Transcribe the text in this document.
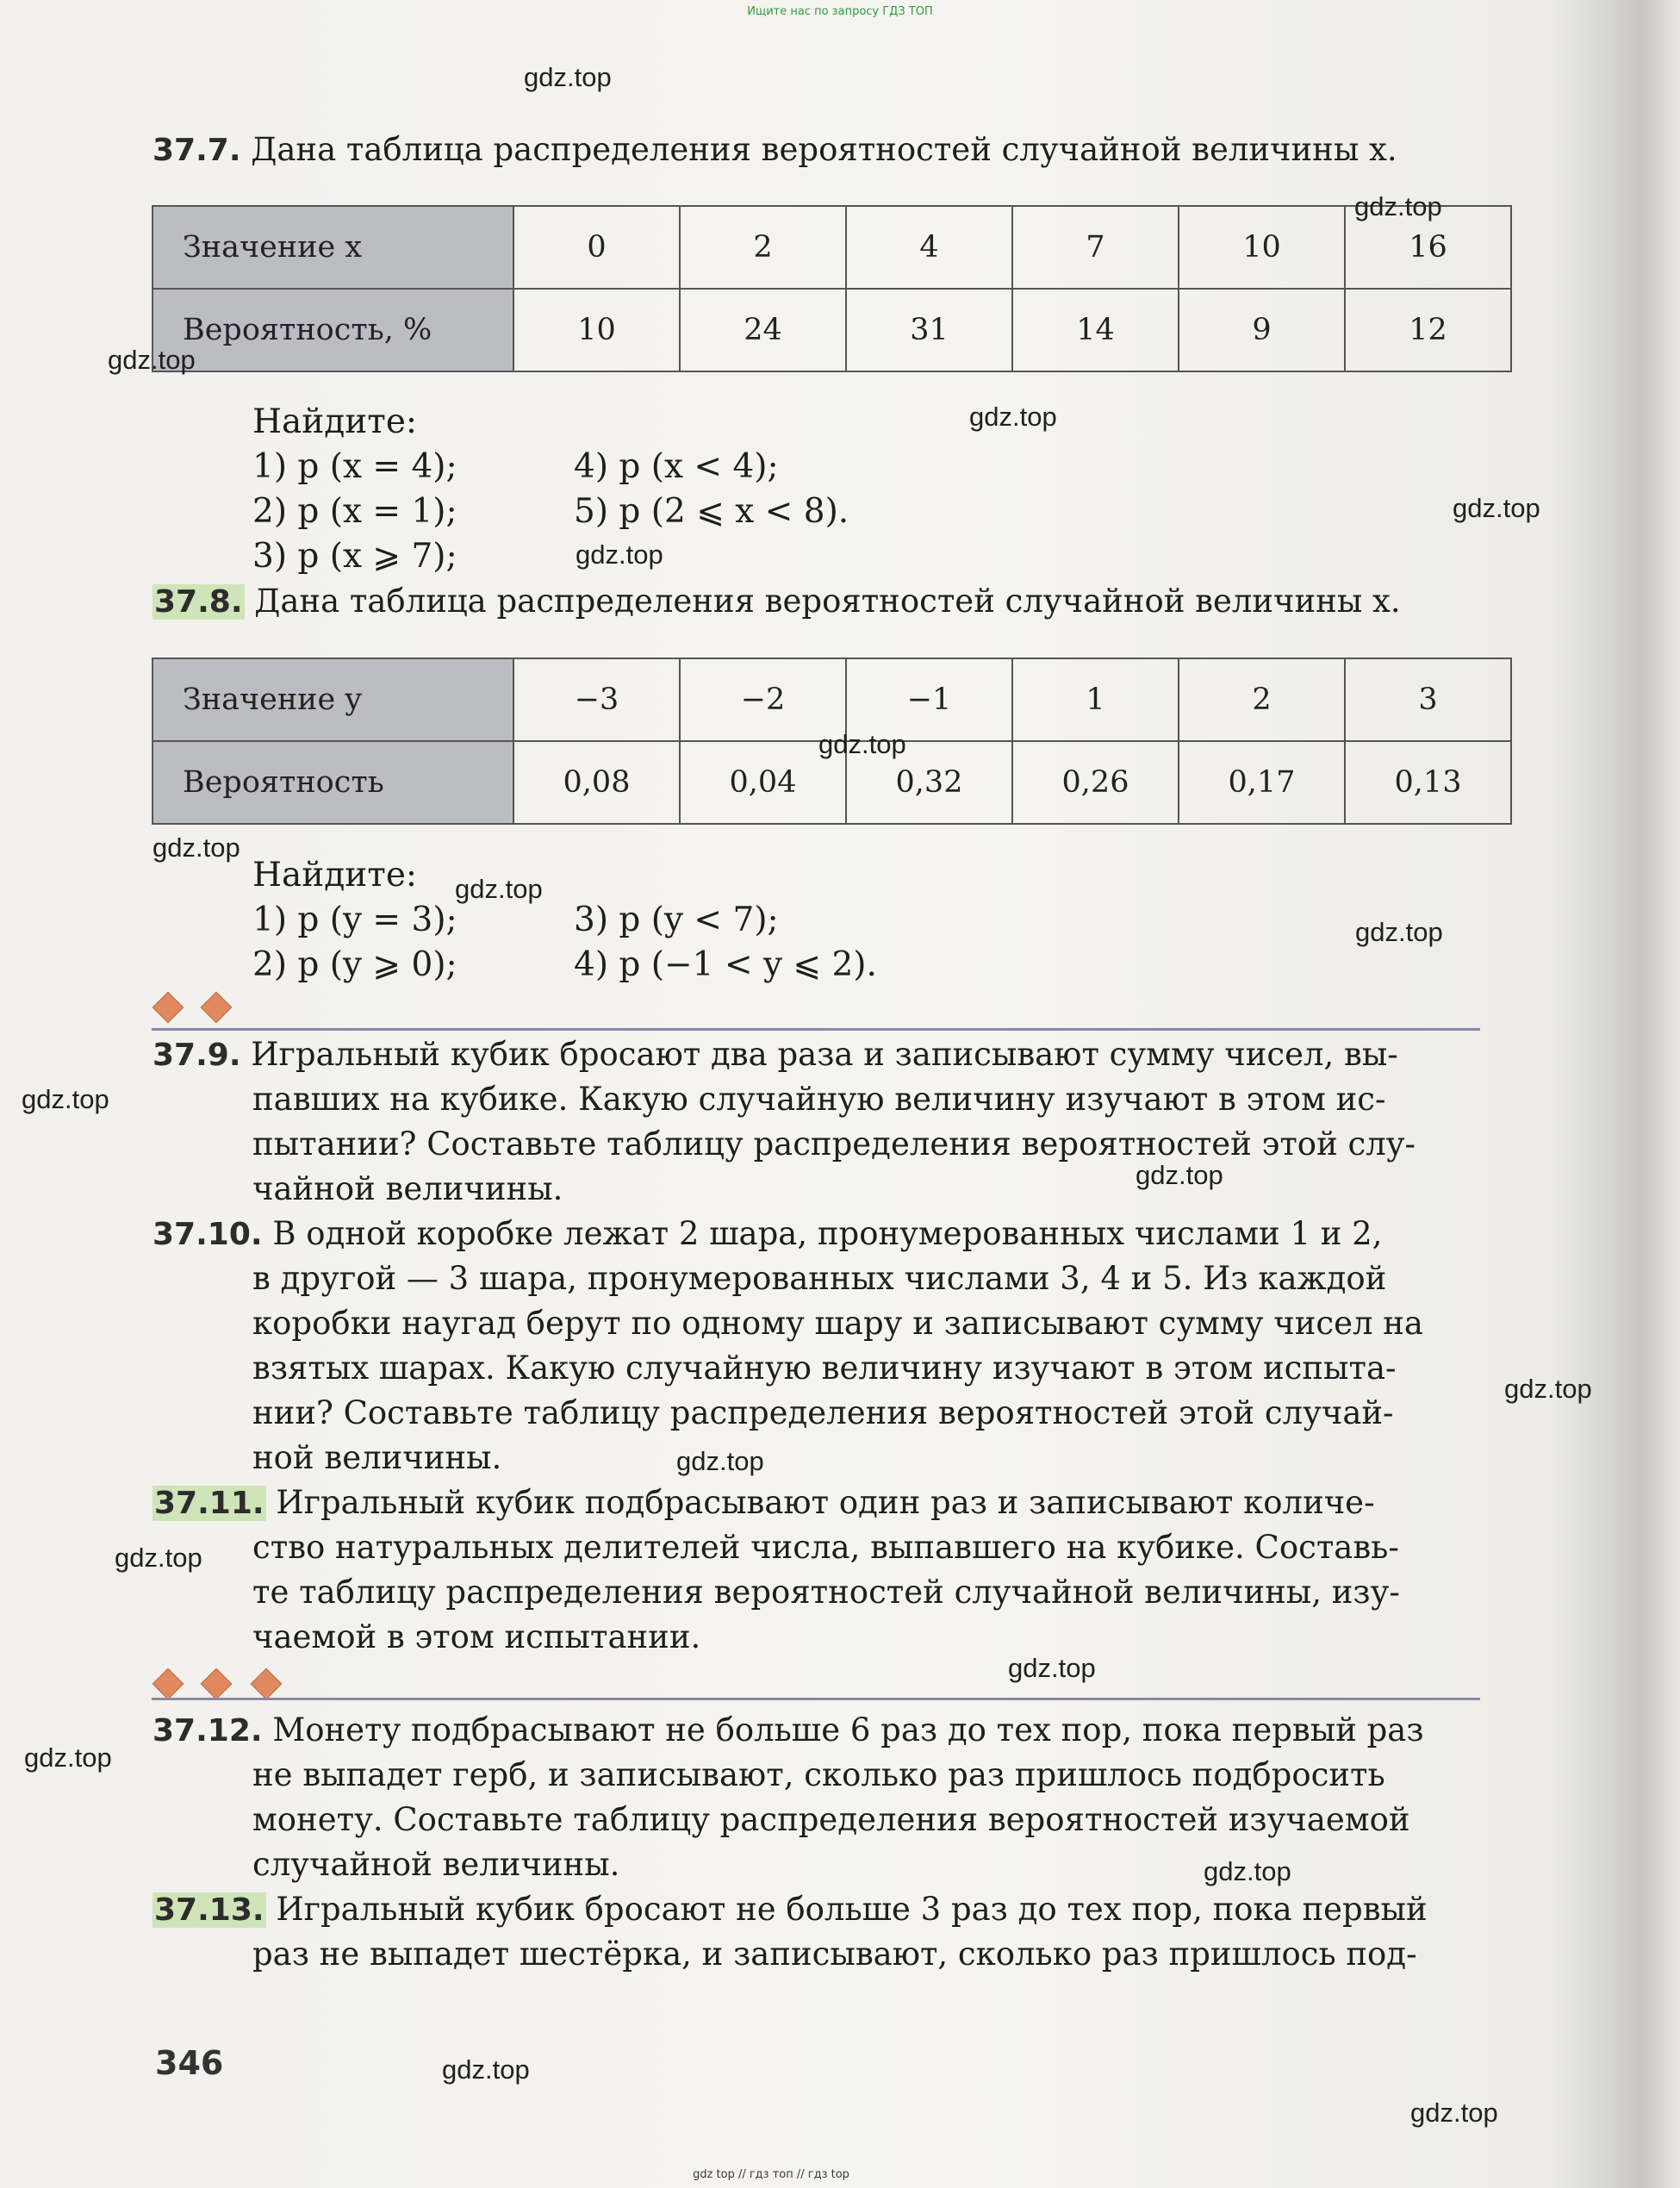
Ищите нас по запросу ГДЗ ТОП
37.7. Дана таблица распределения вероятностей случайной величины x.
Значение x	0	2	4	7	10	16
Вероятность, %	10	24	31	14	9	12
Найдите:
1) p (x = 4);
2) p (x = 1);
3) p (x ⩾ 7);
4) p (x < 4);
5) p (2 ⩽ x < 8).
37.8. Дана таблица распределения вероятностей случайной величины x.
Значение y	−3	−2	−1	1	2	3
Вероятность	0,08	0,04	0,32	0,26	0,17	0,13
Найдите:
1) p (y = 3);
2) p (y ⩾ 0);
3) p (y < 7);
4) p (−1 < y ⩽ 2).
37.9. Игральный кубик бросают два раза и записывают сумму чисел, вы-
павших на кубике. Какую случайную величину изучают в этом ис-
пытании? Составьте таблицу распределения вероятностей этой слу-
чайной величины.
37.10. В одной коробке лежат 2 шара, пронумерованных числами 1 и 2,
в другой — 3 шара, пронумерованных числами 3, 4 и 5. Из каждой
коробки наугад берут по одному шару и записывают сумму чисел на
взятых шарах. Какую случайную величину изучают в этом испыта-
нии? Составьте таблицу распределения вероятностей этой случай-
ной величины.
37.11. Игральный кубик подбрасывают один раз и записывают количе-
ство натуральных делителей числа, выпавшего на кубике. Составь-
те таблицу распределения вероятностей случайной величины, изу-
чаемой в этом испытании.
37.12. Монету подбрасывают не больше 6 раз до тех пор, пока первый раз
не выпадет герб, и записывают, сколько раз пришлось подбросить
монету. Составьте таблицу распределения вероятностей изучаемой
случайной величины.
37.13. Игральный кубик бросают не больше 3 раз до тех пор, пока первый
раз не выпадет шестёрка, и записывают, сколько раз пришлось под-
346
gdz.top
gdz.top
gdz.top
gdz.top
gdz.top
gdz.top
gdz.top
gdz.top
gdz.top
gdz.top
gdz.top
gdz.top
gdz.top
gdz.top
gdz.top
gdz.top
gdz.top
gdz.top
gdz.top
gdz.top
gdz top // гдз топ // гдз top
